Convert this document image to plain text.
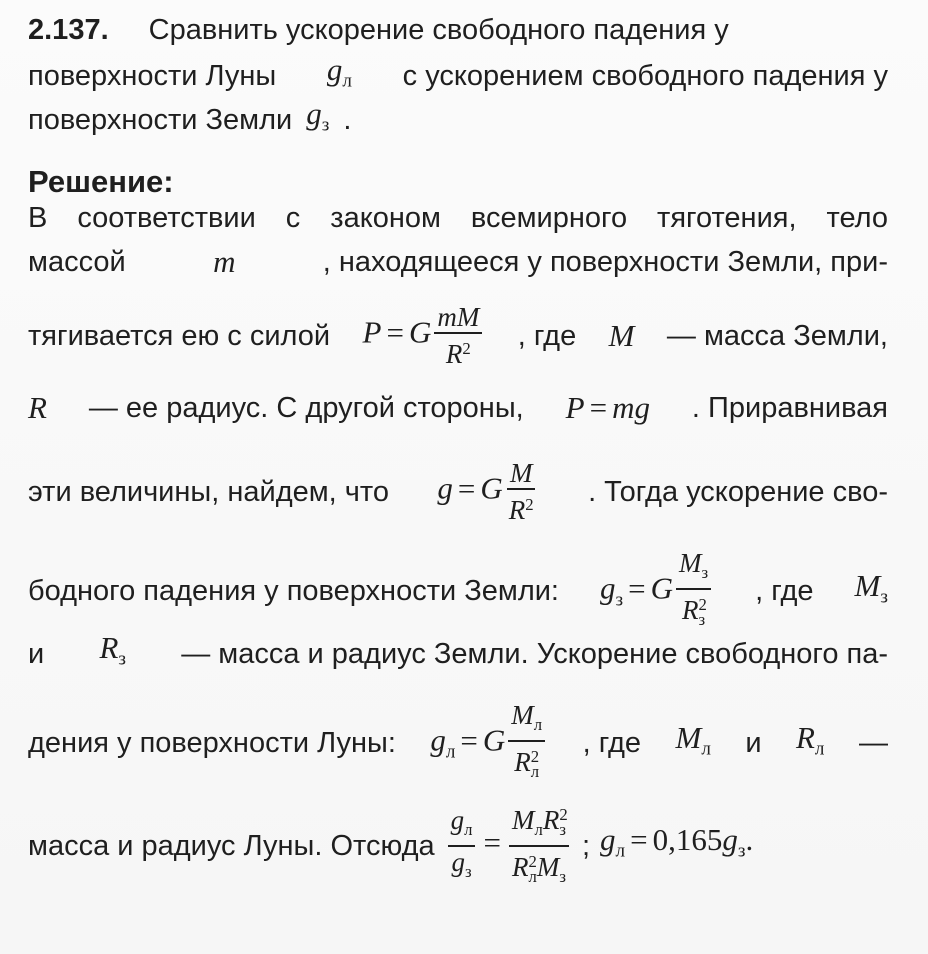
2.137. Сравнить ускорение свободного падения у
поверхности Луны $g_л$ с ускорением свободного падения у
поверхности Земли $g_з$ .
Решение:
В соответствии с законом всемирного тяготения, тело
массой	m	, находящееся у поверхности Земли, при-
тягивается ею с силой P = G $\frac{mM}{R^2}$ , где M — масса Земли,
R — ее радиус. С другой стороны, P = mg . Приравнивая
эти величины, найдем, что g = G $\frac{M}{R^2}$ . Тогда ускорение сво-
бодного падения у поверхности Земли: $g_з = G \frac{M_з}{R^2_з}$ , где $M_з$
и $R_з$ — масса и радиус Земли. Ускорение свободного па-
дения у поверхности Луны: $g_л = G \frac{M_л}{R^2_л}$ , где $M_л$ и $R_л$ —
масса и радиус Луны. Отсюда $\frac{g_л}{g_з} = \frac{M_лR^2_з}{R^2_лM_з}$ ; $g_л = 0,165g_з$.
